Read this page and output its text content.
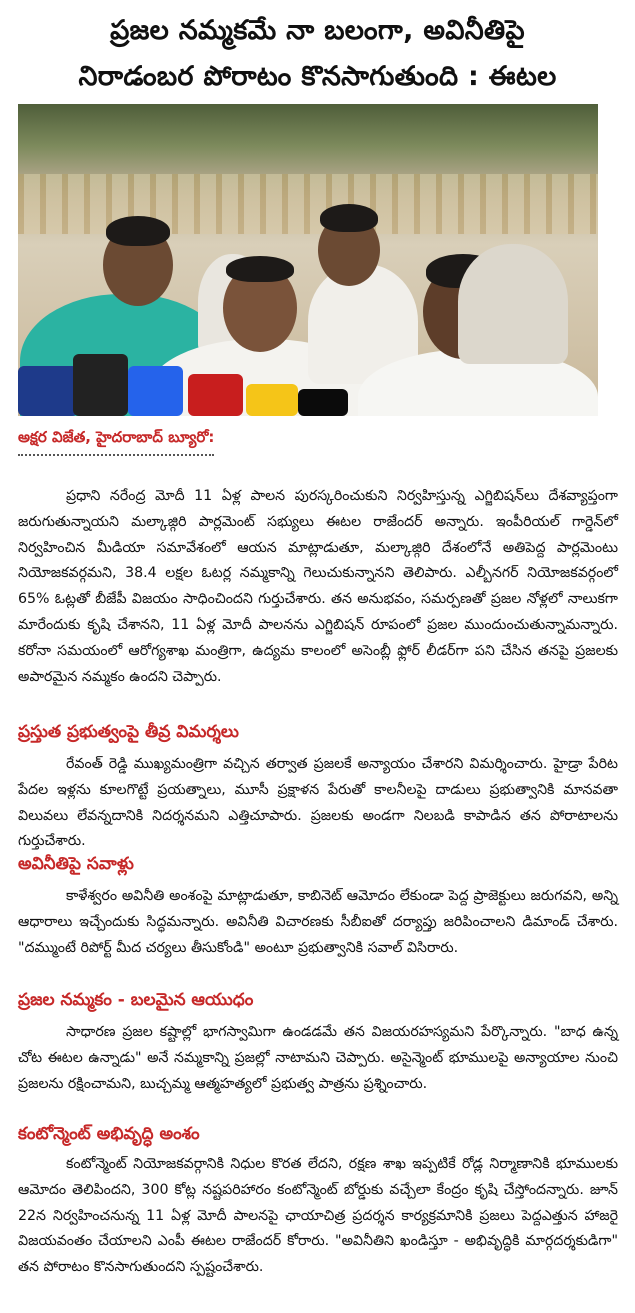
ప్రజల నమ్మకమే నా బలంగా, అవినీతిపై
నిరాడంబర పోరాటం కొనసాగుతుంది : ఈటల
అక్షర విజేత, హైదరాబాద్ బ్యూరో:

ప్రధాని నరేంద్ర మోదీ 11 ఏళ్ల పాలన పురస్కరించుకుని నిర్వహిస్తున్న ఎగ్జిబిషన్‌లు దేశవ్యాప్తంగా జరుగుతున్నాయని మల్కాజ్గిరి పార్లమెంట్ సభ్యులు ఈటల రాజేందర్ అన్నారు. ఇంపీరియల్ గార్డెన్‌లో నిర్వహించిన మీడియా సమావేశంలో ఆయన మాట్లాడుతూ, మల్కాజ్గిరి దేశంలోనే అతిపెద్ద పార్లమెంటు నియోజకవర్గమని, 38.4 లక్షల ఓటర్ల నమ్మకాన్ని గెలుచుకున్నానని తెలిపారు. ఎల్బీనగర్ నియోజకవర్గంలో 65% ఓట్లతో బీజేపీ విజయం సాధించిందని గుర్తుచేశారు. తన అనుభవం, సమర్పణతో ప్రజల నోళ్లలో నాలుకగా మారేందుకు కృషి చేశానని, 11 ఏళ్ల మోదీ పాలనను ఎగ్జిబిషన్ రూపంలో ప్రజల ముందుంచుతున్నామన్నారు. కరోనా సమయంలో ఆరోగ్యశాఖ మంత్రిగా, ఉద్యమ కాలంలో అసెంబ్లీ ఫ్లోర్ లీడర్‌గా పని చేసిన తనపై ప్రజలకు అపారమైన నమ్మకం ఉందని చెప్పారు.

ప్రస్తుత ప్రభుత్వంపై తీవ్ర విమర్శలు

రేవంత్ రెడ్డి ముఖ్యమంత్రిగా వచ్చిన తర్వాత ప్రజలకే అన్యాయం చేశారని విమర్శించారు. హైడ్రా పేరిట పేదల ఇళ్లను కూలగొట్టే ప్రయత్నాలు, మూసీ ప్రక్షాళన పేరుతో కాలనీలపై దాడులు ప్రభుత్వానికి మానవతా విలువలు లేవన్నదానికి నిదర్శనమని ఎత్తిచూపారు. ప్రజలకు అండగా నిలబడి కాపాడిన తన పోరాటాలను గుర్తుచేశారు.

అవినీతిపై సవాళ్లు

కాళేశ్వరం అవినీతి అంశంపై మాట్లాడుతూ, కాబినెట్ ఆమోదం లేకుండా పెద్ద ప్రాజెక్టులు జరుగవని, అన్ని ఆధారాలు ఇచ్చేందుకు సిద్ధమన్నారు. అవినీతి విచారణకు సీబీఐతో దర్యాప్తు జరిపించాలని డిమాండ్ చేశారు. "దమ్ముంటే రిపోర్ట్ మీద చర్యలు తీసుకోండి" అంటూ ప్రభుత్వానికి సవాల్ విసిరారు.

ప్రజల నమ్మకం - బలమైన ఆయుధం

సాధారణ ప్రజల కష్టాల్లో భాగస్వామిగా ఉండడమే తన విజయరహస్యమని పేర్కొన్నారు. "బాధ ఉన్న చోట ఈటల ఉన్నాడు" అనే నమ్మకాన్ని ప్రజల్లో నాటామని చెప్పారు. అసైన్మెంట్ భూములపై అన్యాయాల నుంచి ప్రజలను రక్షించామని, బుచ్చమ్మ ఆత్మహత్యలో ప్రభుత్వ పాత్రను ప్రశ్నించారు.

కంటోన్మెంట్ అభివృద్ధి అంశం

కంటోన్మెంట్ నియోజకవర్గానికి నిధుల కొరత లేదని, రక్షణ శాఖ ఇప్పటికే రోడ్ల నిర్మాణానికి భూములకు ఆమోదం తెలిపిందని, 300 కోట్ల నష్టపరిహారం కంటోన్మెంట్ బోర్డుకు వచ్చేలా కేంద్రం కృషి చేస్తోందన్నారు. జూన్ 22న నిర్వహించనున్న 11 ఏళ్ల మోదీ పాలనపై ఛాయాచిత్ర ప్రదర్శన కార్యక్రమానికి ప్రజలు పెద్దఎత్తున హాజరై విజయవంతం చేయాలని ఎంపీ ఈటల రాజేందర్ కోరారు. "అవినీతిని ఖండిస్తూ - అభివృద్ధికి మార్గదర్శకుడిగా" తన పోరాటం కొనసాగుతుందని స్పష్టంచేశారు.
